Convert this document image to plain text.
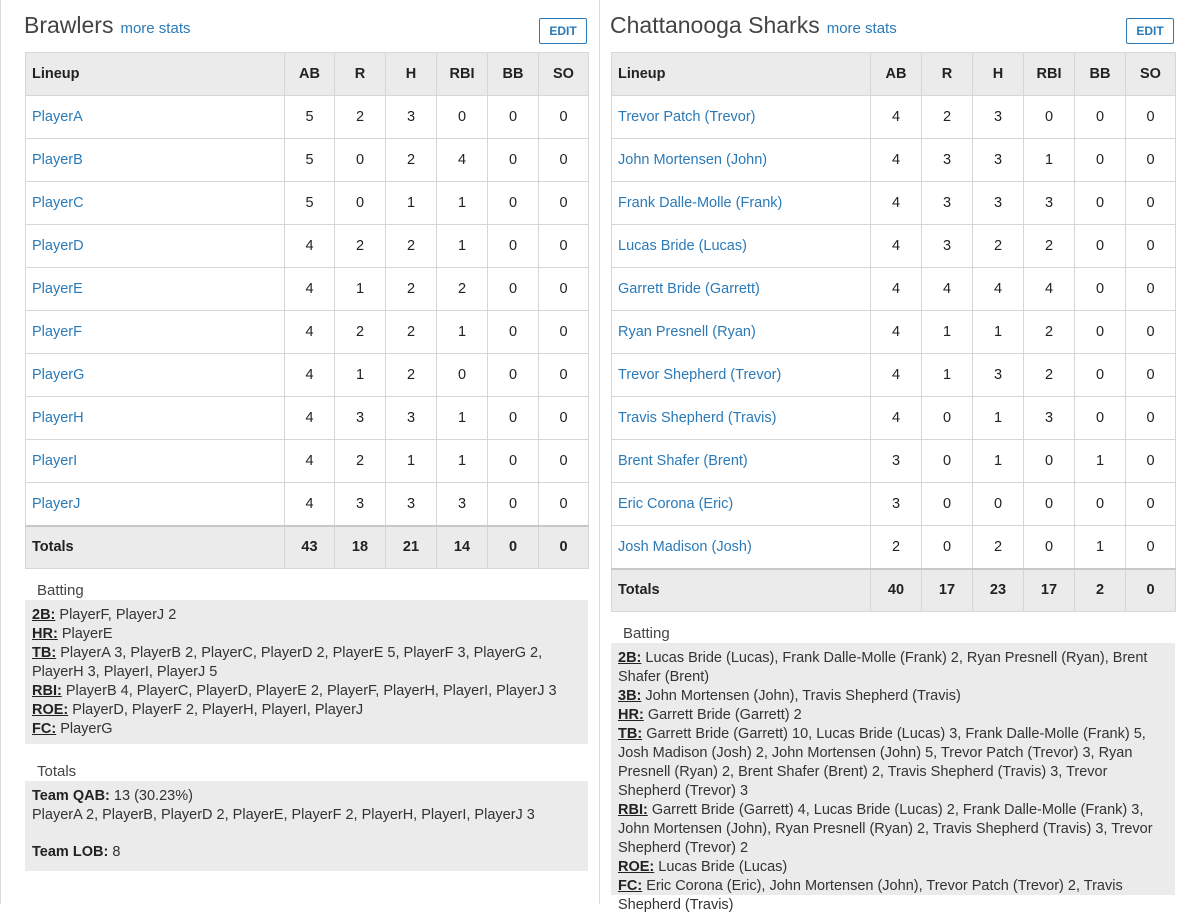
Brawlers more stats	EDIT
Lineup	AB	R	H	RBI	BB	SO
PlayerA	5	2	3	0	0	0
PlayerB	5	0	2	4	0	0
PlayerC	5	0	1	1	0	0
PlayerD	4	2	2	1	0	0
PlayerE	4	1	2	2	0	0
PlayerF	4	2	2	1	0	0
PlayerG	4	1	2	0	0	0
PlayerH	4	3	3	1	0	0
PlayerI	4	2	1	1	0	0
PlayerJ	4	3	3	3	0	0
Totals	43	18	21	14	0	0
Batting
2B: PlayerF, PlayerJ 2
HR: PlayerE
TB: PlayerA 3, PlayerB 2, PlayerC, PlayerD 2, PlayerE 5, PlayerF 3, PlayerG 2, PlayerH 3, PlayerI, PlayerJ 5
RBI: PlayerB 4, PlayerC, PlayerD, PlayerE 2, PlayerF, PlayerH, PlayerI, PlayerJ 3
ROE: PlayerD, PlayerF 2, PlayerH, PlayerI, PlayerJ
FC: PlayerG
Totals
Team QAB: 13 (30.23%)
PlayerA 2, PlayerB, PlayerD 2, PlayerE, PlayerF 2, PlayerH, PlayerI, PlayerJ 3
Team LOB: 8
Chattanooga Sharks more stats	EDIT
Lineup	AB	R	H	RBI	BB	SO
Trevor Patch (Trevor)	4	2	3	0	0	0
John Mortensen (John)	4	3	3	1	0	0
Frank Dalle-Molle (Frank)	4	3	3	3	0	0
Lucas Bride (Lucas)	4	3	2	2	0	0
Garrett Bride (Garrett)	4	4	4	4	0	0
Ryan Presnell (Ryan)	4	1	1	2	0	0
Trevor Shepherd (Trevor)	4	1	3	2	0	0
Travis Shepherd (Travis)	4	0	1	3	0	0
Brent Shafer (Brent)	3	0	1	0	1	0
Eric Corona (Eric)	3	0	0	0	0	0
Josh Madison (Josh)	2	0	2	0	1	0
Totals	40	17	23	17	2	0
Batting
2B: Lucas Bride (Lucas), Frank Dalle-Molle (Frank) 2, Ryan Presnell (Ryan), Brent Shafer (Brent)
3B: John Mortensen (John), Travis Shepherd (Travis)
HR: Garrett Bride (Garrett) 2
TB: Garrett Bride (Garrett) 10, Lucas Bride (Lucas) 3, Frank Dalle-Molle (Frank) 5, Josh Madison (Josh) 2, John Mortensen (John) 5, Trevor Patch (Trevor) 3, Ryan Presnell (Ryan) 2, Brent Shafer (Brent) 2, Travis Shepherd (Travis) 3, Trevor Shepherd (Trevor) 3
RBI: Garrett Bride (Garrett) 4, Lucas Bride (Lucas) 2, Frank Dalle-Molle (Frank) 3, John Mortensen (John), Ryan Presnell (Ryan) 2, Travis Shepherd (Travis) 3, Trevor Shepherd (Trevor) 2
ROE: Lucas Bride (Lucas)
FC: Eric Corona (Eric), John Mortensen (John), Trevor Patch (Trevor) 2, Travis Shepherd (Travis)
